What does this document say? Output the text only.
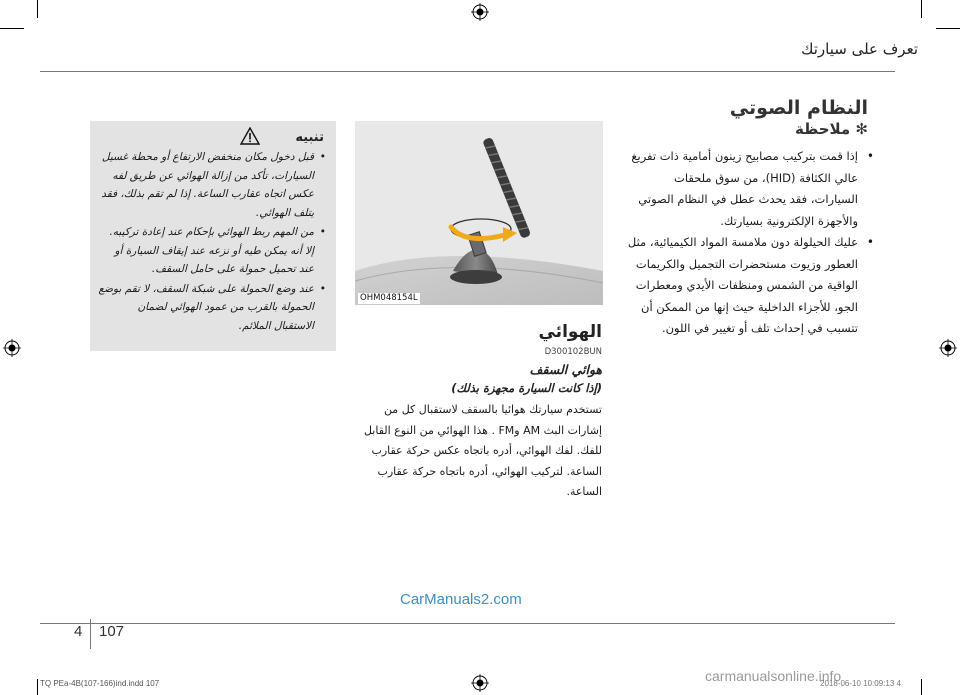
تعرف على سيارتك
النظام الصوتي
✻ ملاحظة
• إذا قمت بتركيب مصابيح زينون أمامية ذات تفريغ عالي الكثافة (HID)، من سوق ملحقات السيارات، فقد يحدث عطل في النظام الصوتي والأجهزة الإلكترونية بسيارتك.
• عليك الحيلولة دون ملامسة المواد الكيميائية، مثل العطور وزيوت مستحضرات التجميل والكريمات الواقية من الشمس ومنظفات الأيدي ومعطرات الجو، للأجزاء الداخلية حيث إنها من الممكن أن تتسبب في إحداث تلف أو تغيير في اللون.
OHM048154L
الهوائي
D300102BUN
هوائي السقف
(إذا كانت السيارة مجهزة بذلك)

تستخدم سيارتك هوائيا بالسقف لاستقبال كل من إشارات البث AM وFM . هذا الهوائي من النوع القابل للفك. لفك الهوائي، أدره باتجاه عكس حركة عقارب الساعة. لتركيب الهوائي، أدره باتجاه حركة عقارب الساعة.

تنبيه
• قبل دخول مكان منخفض الارتفاع أو محطة غسيل السيارات، تأكد من إزالة الهوائي عن طريق لفه عكس اتجاه عقارب الساعة. إذا لم تقم بذلك، فقد يتلف الهوائي.
• من المهم ربط الهوائي بإحكام عند إعادة تركيبه. إلا أنه يمكن طيه أو نزعه عند إيقاف السيارة أو عند تحميل حمولة على حامل السقف.
• عند وضع الحمولة على شبكة السقف، لا تقم بوضع الحمولة بالقرب من عمود الهوائي لضمان الاستقبال الملائم.
CarManuals2.com
4 107
TQ PEa-4B(107-166)ind.indd 107	carmanualsonline.info
2018-06-10 10:09:13 4
